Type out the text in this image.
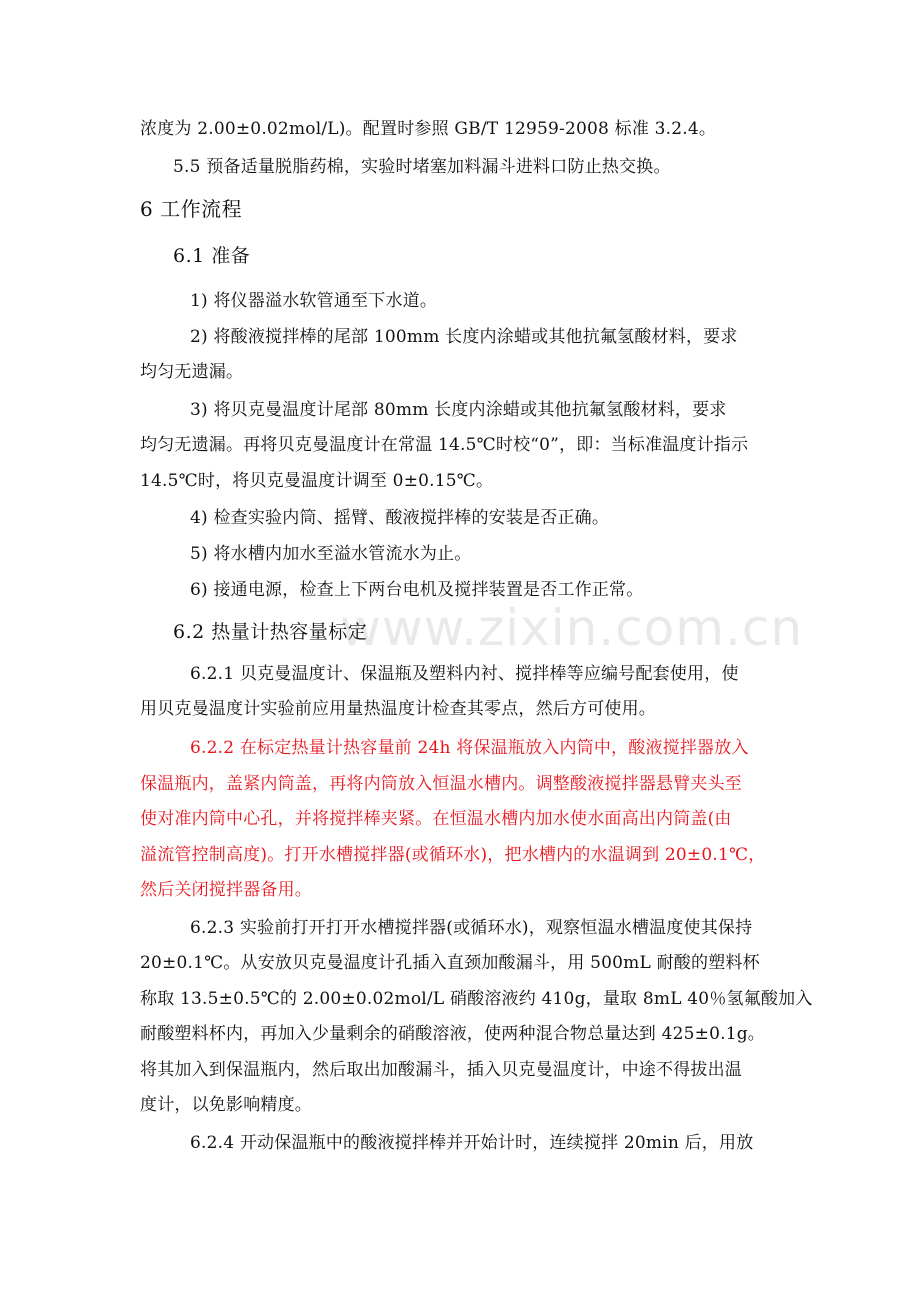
www.zixin.com.cn
浓度为 2.00±0.02mol/L)。配置时参照 GB/T 12959-2008 标准 3.2.4。
5.5 预备适量脱脂药棉，实验时堵塞加料漏斗进料口防止热交换。
6 工作流程
6.1 准备
1) 将仪器溢水软管通至下水道。
2) 将酸液搅拌棒的尾部 100mm 长度内涂蜡或其他抗氟氢酸材料，要求
均匀无遗漏。
3) 将贝克曼温度计尾部 80mm 长度内涂蜡或其他抗氟氢酸材料，要求
均匀无遗漏。再将贝克曼温度计在常温 14.5℃时校“0”，即：当标准温度计指示
14.5℃时，将贝克曼温度计调至 0±0.15℃。
4) 检查实验内筒、摇臂、酸液搅拌棒的安装是否正确。
5) 将水槽内加水至溢水管流水为止。
6) 接通电源，检查上下两台电机及搅拌装置是否工作正常。
6.2 热量计热容量标定
6.2.1 贝克曼温度计、保温瓶及塑料内衬、搅拌棒等应编号配套使用，使
用贝克曼温度计实验前应用量热温度计检查其零点，然后方可使用。
6.2.2 在标定热量计热容量前 24h 将保温瓶放入内筒中，酸液搅拌器放入
保温瓶内，盖紧内筒盖，再将内筒放入恒温水槽内。调整酸液搅拌器悬臂夹头至
使对准内筒中心孔，并将搅拌棒夹紧。在恒温水槽内加水使水面高出内筒盖(由
溢流管控制高度)。打开水槽搅拌器(或循环水)，把水槽内的水温调到 20±0.1℃，
然后关闭搅拌器备用。
6.2.3 实验前打开打开水槽搅拌器(或循环水)，观察恒温水槽温度使其保持
20±0.1℃。从安放贝克曼温度计孔插入直颈加酸漏斗，用 500mL 耐酸的塑料杯
称取 13.5±0.5℃的 2.00±0.02mol/L 硝酸溶液约 410g，量取 8mL 40％氢氟酸加入
耐酸塑料杯内，再加入少量剩余的硝酸溶液，使两种混合物总量达到 425±0.1g。
将其加入到保温瓶内，然后取出加酸漏斗，插入贝克曼温度计，中途不得拔出温
度计，以免影响精度。
6.2.4 开动保温瓶中的酸液搅拌棒并开始计时，连续搅拌 20min 后，用放
